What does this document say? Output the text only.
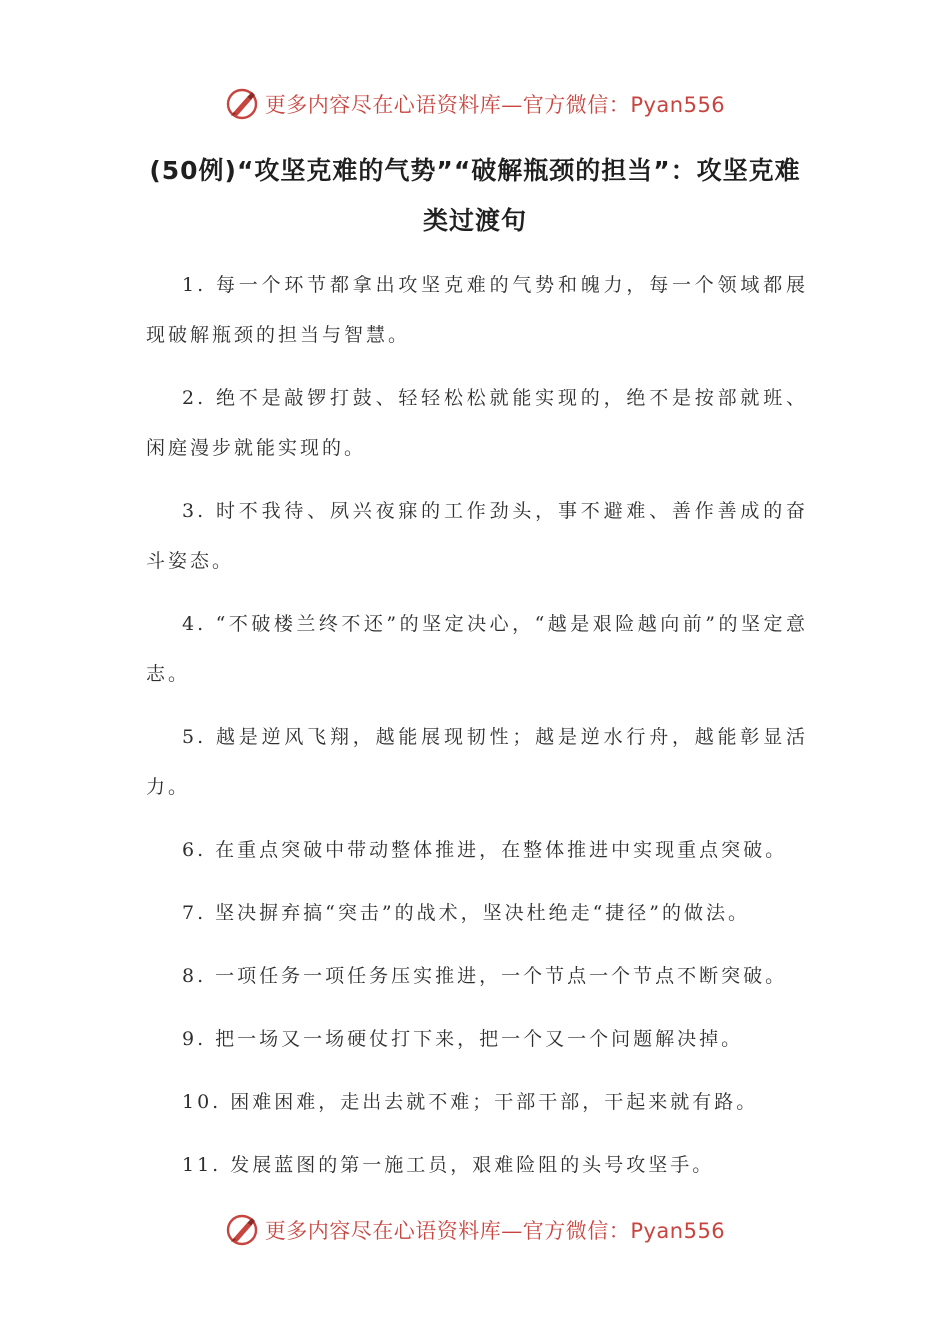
更多内容尽在心语资料库—官方微信：Pyan556
(50例)“攻坚克难的气势”“破解瓶颈的担当”：攻坚克难类过渡句

1. 每一个环节都拿出攻坚克难的气势和魄力，每一个领域都展现破解瓶颈的担当与智慧。

2. 绝不是敲锣打鼓、轻轻松松就能实现的，绝不是按部就班、闲庭漫步就能实现的。

3. 时不我待、夙兴夜寐的工作劲头，事不避难、善作善成的奋斗姿态。

4. “不破楼兰终不还”的坚定决心，“越是艰险越向前”的坚定意志。

5. 越是逆风飞翔，越能展现韧性；越是逆水行舟，越能彰显活力。

6. 在重点突破中带动整体推进，在整体推进中实现重点突破。

7. 坚决摒弃搞“突击”的战术，坚决杜绝走“捷径”的做法。

8. 一项任务一项任务压实推进，一个节点一个节点不断突破。

9. 把一场又一场硬仗打下来，把一个又一个问题解决掉。

10. 困难困难，走出去就不难；干部干部，干起来就有路。

11. 发展蓝图的第一施工员，艰难险阻的头号攻坚手。

更多内容尽在心语资料库—官方微信：Pyan556
